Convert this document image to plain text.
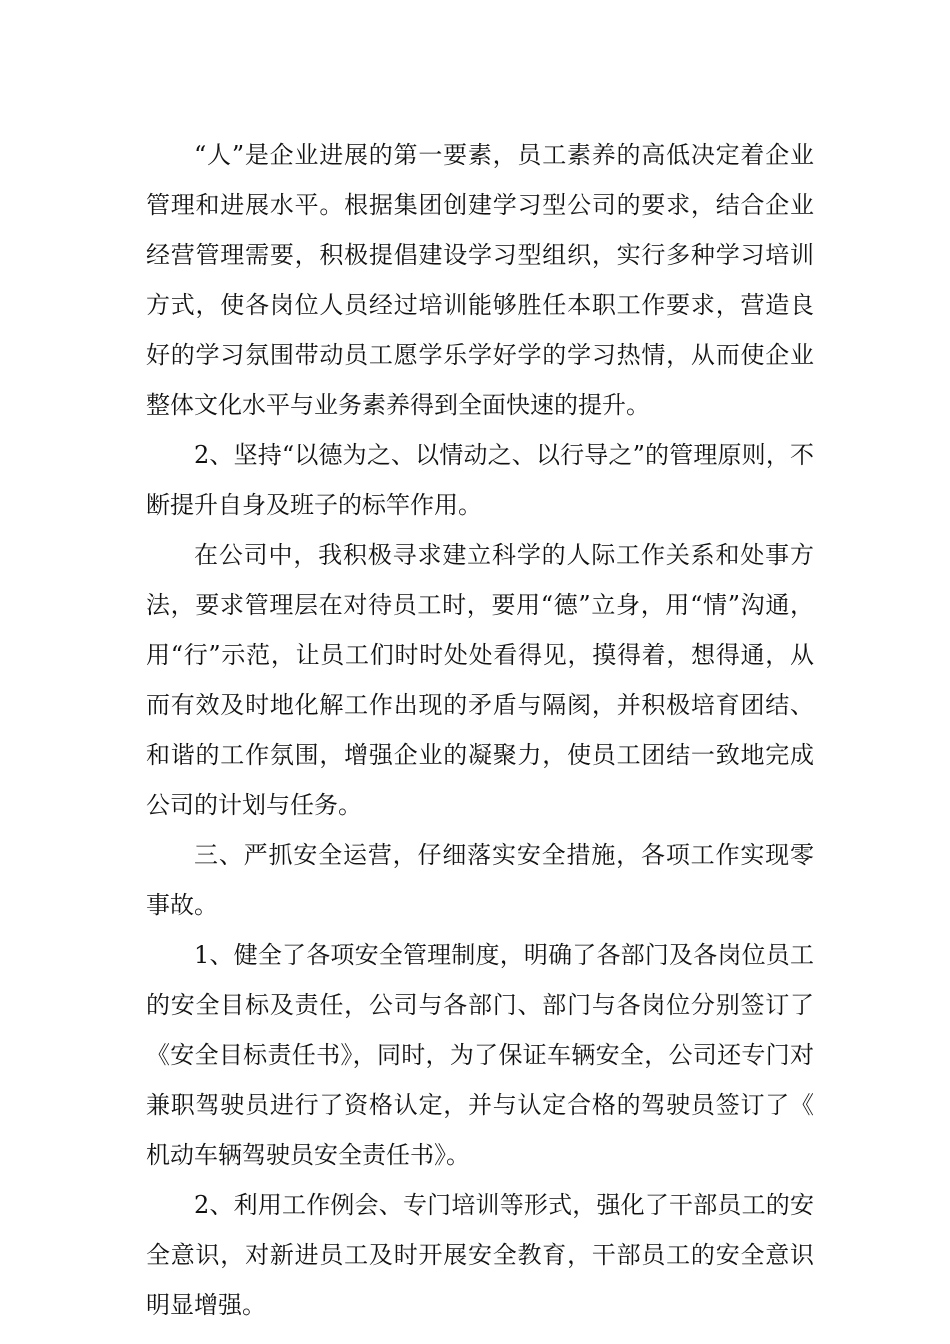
“人”是企业进展的第一要素，员工素养的高低决定着企业管理和进展水平。根据集团创建学习型公司的要求，结合企业经营管理需要，积极提倡建设学习型组织，实行多种学习培训方式，使各岗位人员经过培训能够胜任本职工作要求，营造良好的学习氛围带动员工愿学乐学好学的学习热情，从而使企业整体文化水平与业务素养得到全面快速的提升。

2、坚持“以德为之、以情动之、以行导之”的管理原则，不断提升自身及班子的标竿作用。

在公司中，我积极寻求建立科学的人际工作关系和处事方法，要求管理层在对待员工时，要用“德”立身，用“情”沟通，用“行”示范，让员工们时时处处看得见，摸得着，想得通，从而有效及时地化解工作出现的矛盾与隔阂，并积极培育团结、和谐的工作氛围，增强企业的凝聚力，使员工团结一致地完成公司的计划与任务。

三、严抓安全运营，仔细落实安全措施，各项工作实现零事故。

1、健全了各项安全管理制度，明确了各部门及各岗位员工的安全目标及责任，公司与各部门、部门与各岗位分别签订了《安全目标责任书》，同时，为了保证车辆安全，公司还专门对兼职驾驶员进行了资格认定，并与认定合格的驾驶员签订了《机动车辆驾驶员安全责任书》。

2、利用工作例会、专门培训等形式，强化了干部员工的安全意识，对新进员工及时开展安全教育，干部员工的安全意识明显增强。
